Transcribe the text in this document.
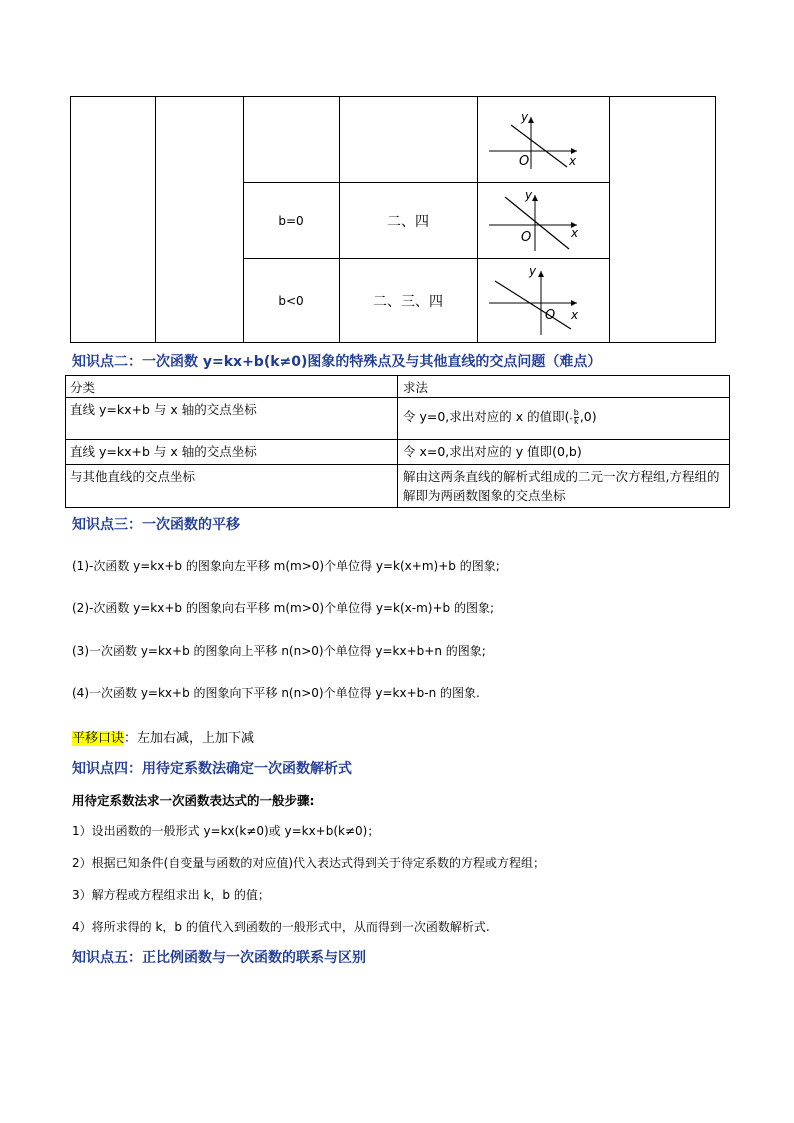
b=0	二、四
b<0	二、三、四
y
x
O
y
x
O
y
x
O
知识点二：一次函数 y=kx+b(k≠0)图象的特殊点及与其他直线的交点问题（难点）
分类	求法
直线 y=kx+b 与 x 轴的交点坐标	令 y=0,求出对应的 x 的值即(- $\frac{b}{k} ,0$)
直线 y=kx+b 与 x 轴的交点坐标	令 x=0,求出对应的 y 值即(0,b)
与其他直线的交点坐标	解由这两条直线的解析式组成的二元一次方程组,方程组的解即为两函数图象的交点坐标
知识点三：一次函数的平移
(1)-次函数 y=kx+b 的图象向左平移 m(m>0)个单位得 y=k(x+m)+b 的图象;
(2)-次函数 y=kx+b 的图象向右平移 m(m>0)个单位得 y=k(x-m)+b 的图象;
(3)一次函数 y=kx+b 的图象向上平移 n(n>0)个单位得 y=kx+b+n 的图象;
(4)一次函数 y=kx+b 的图象向下平移 n(n>0)个单位得 y=kx+b-n 的图象.
平移口诀：左加右减，上加下减
知识点四：用待定系数法确定一次函数解析式
用待定系数法求一次函数表达式的一般步骤:
1）设出函数的一般形式 y=kx(k≠0)或 y=kx+b(k≠0)；
2）根据已知条件(自变量与函数的对应值)代入表达式得到关于待定系数的方程或方程组；
3）解方程或方程组求出 k，b 的值；
4）将所求得的 k，b 的值代入到函数的一般形式中，从而得到一次函数解析式.
知识点五：正比例函数与一次函数的联系与区别
